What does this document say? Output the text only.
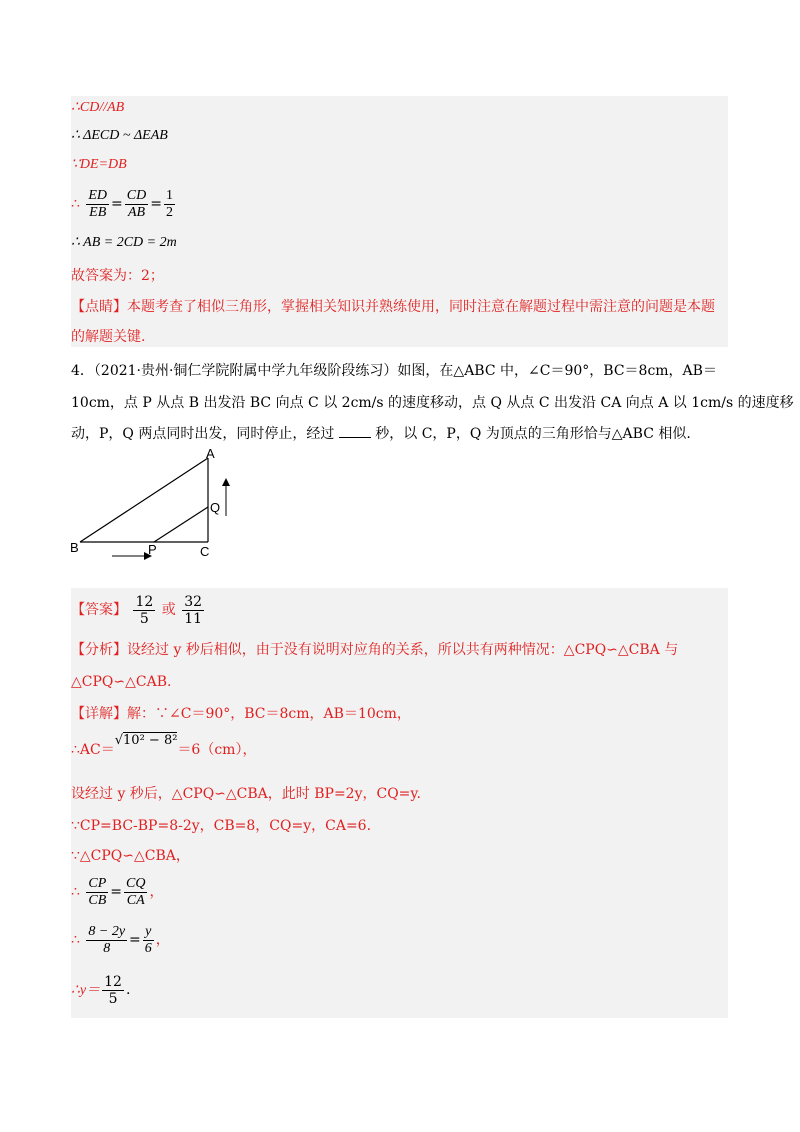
∴CD//AB
∴ ΔECD ~ ΔEAB
∵DE=DB
∴ $\frac{ED}{EB} = \frac{CD}{AB} = \frac{1}{2}$
∴ AB = 2CD = 2m
故答案为：2；
【点睛】本题考查了相似三角形，掌握相关知识并熟练使用，同时注意在解题过程中需注意的问题是本题
的解题关键.
4．（2021·贵州·铜仁学院附属中学九年级阶段练习）如图，在△ABC 中，∠C＝90°，BC＝8cm，AB＝
10cm，点 P 从点 B 出发沿 BC 向点 C 以 2cm/s 的速度移动，点 Q 从点 C 出发沿 CA 向点 A 以 1cm/s 的速度移
动，P，Q 两点同时出发，同时停止，经过	秒，以 C，P，Q 为顶点的三角形恰与△ABC 相似.
A
B	C
P
Q
【答案】 $\frac{12}{5}$ 或 $\frac{32}{11}$
【分析】设经过 y 秒后相似，由于没有说明对应角的关系，所以共有两种情况：△CPQ∽△CBA 与
△CPQ∽△CAB.
【详解】解：∵∠C＝90°，BC＝8cm，AB＝10cm，
∴AC＝√10² − 8²＝6（cm），
设经过 y 秒后，△CPQ∽△CBA，此时 BP=2y，CQ=y.
∵CP=BC-BP=8-2y，CB=8，CQ=y，CA=6.
∵△CPQ∽△CBA，
∴ $\frac{CP}{CB} = \frac{CQ}{CA}$ ，
∴ $\frac{8 - 2y}{8} = \frac{y}{6}$ ，
∴y＝ $\frac{12}{5}$ .
